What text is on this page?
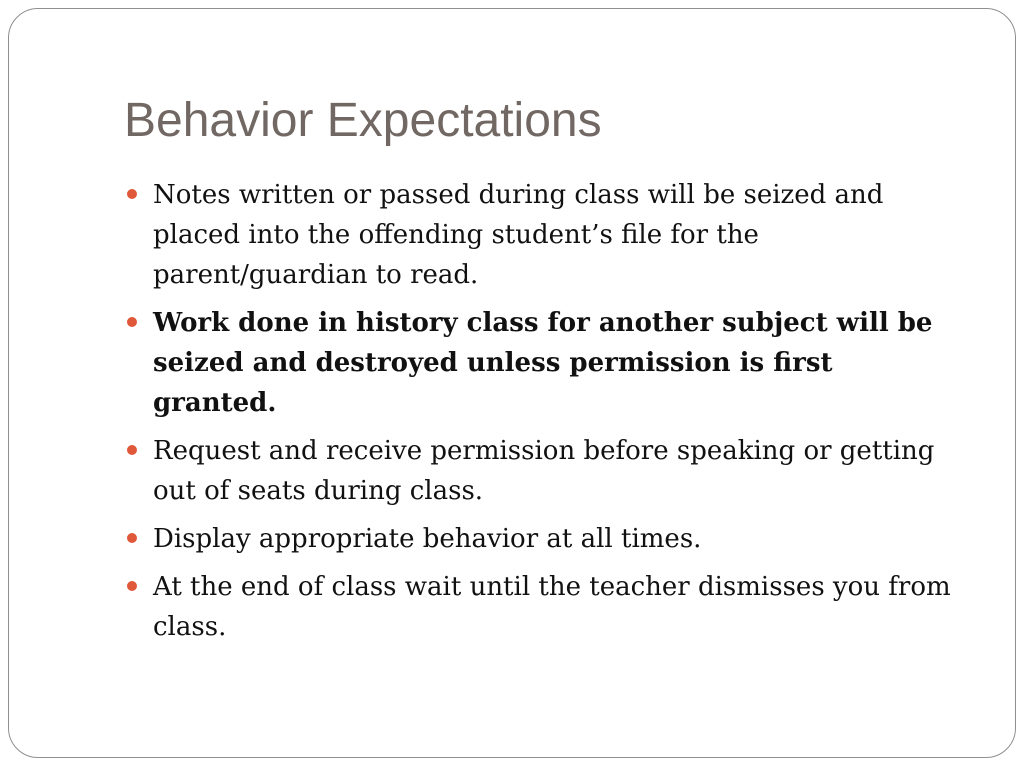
Behavior Expectations
Notes written or passed during class will be seized and placed into the offending student’s file for the parent/guardian to read.
Work done in history class for another subject will be seized and destroyed unless permission is first granted.
Request and receive permission before speaking or getting out of seats during class.
Display appropriate behavior at all times.
At the end of class wait until the teacher dismisses you from class.
